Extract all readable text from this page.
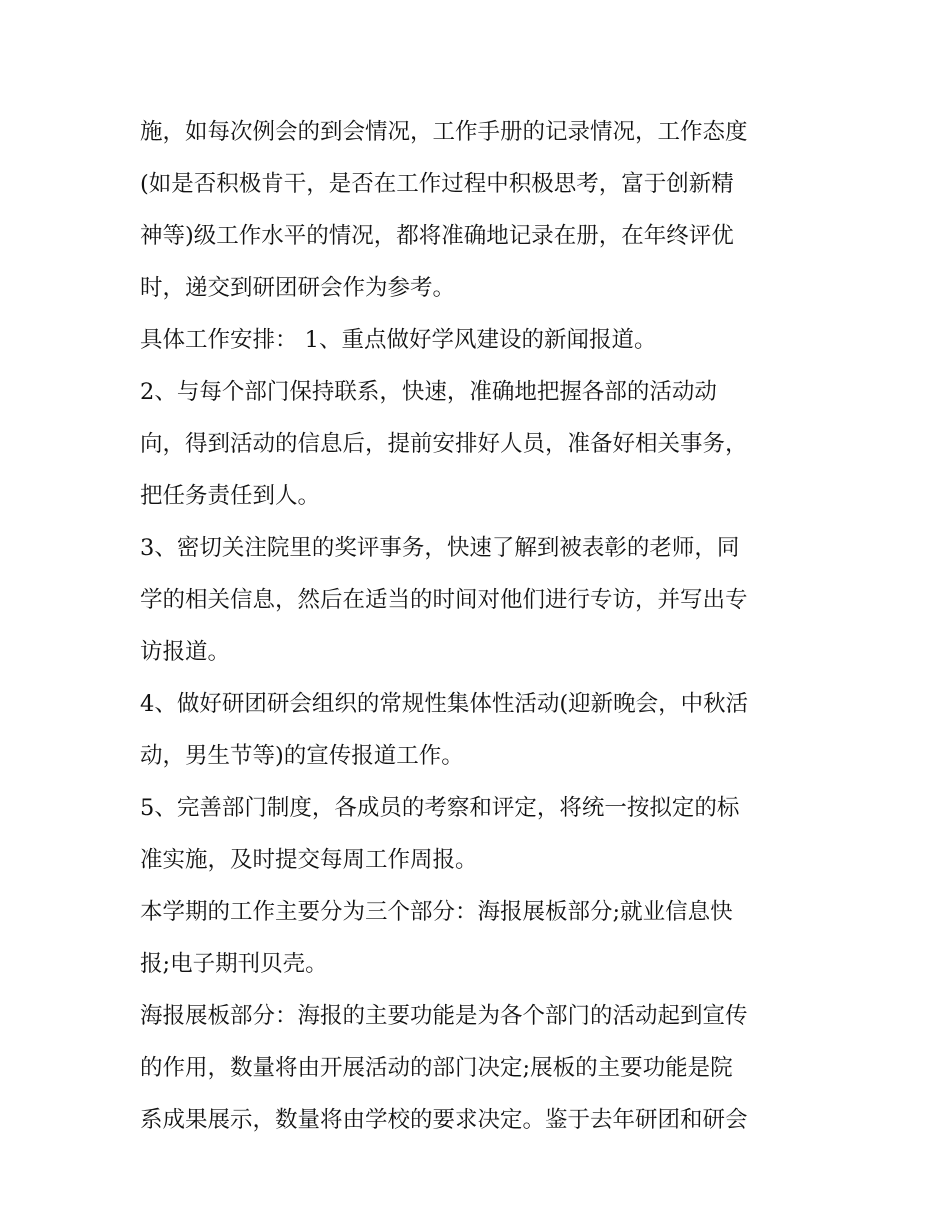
施，如每次例会的到会情况，工作手册的记录情况，工作态度
(如是否积极肯干，是否在工作过程中积极思考，富于创新精
神等)级工作水平的情况，都将准确地记录在册，在年终评优
时，递交到研团研会作为参考。
具体工作安排： 1、重点做好学风建设的新闻报道。
2、与每个部门保持联系，快速，准确地把握各部的活动动
向，得到活动的信息后，提前安排好人员，准备好相关事务，
把任务责任到人。
3、密切关注院里的奖评事务，快速了解到被表彰的老师，同
学的相关信息，然后在适当的时间对他们进行专访，并写出专
访报道。
4、做好研团研会组织的常规性集体性活动(迎新晚会，中秋活
动，男生节等)的宣传报道工作。
5、完善部门制度，各成员的考察和评定，将统一按拟定的标
准实施，及时提交每周工作周报。
本学期的工作主要分为三个部分：海报展板部分;就业信息快
报;电子期刊贝壳。
海报展板部分：海报的主要功能是为各个部门的活动起到宣传
的作用，数量将由开展活动的部门决定;展板的主要功能是院
系成果展示，数量将由学校的要求决定。鉴于去年研团和研会
